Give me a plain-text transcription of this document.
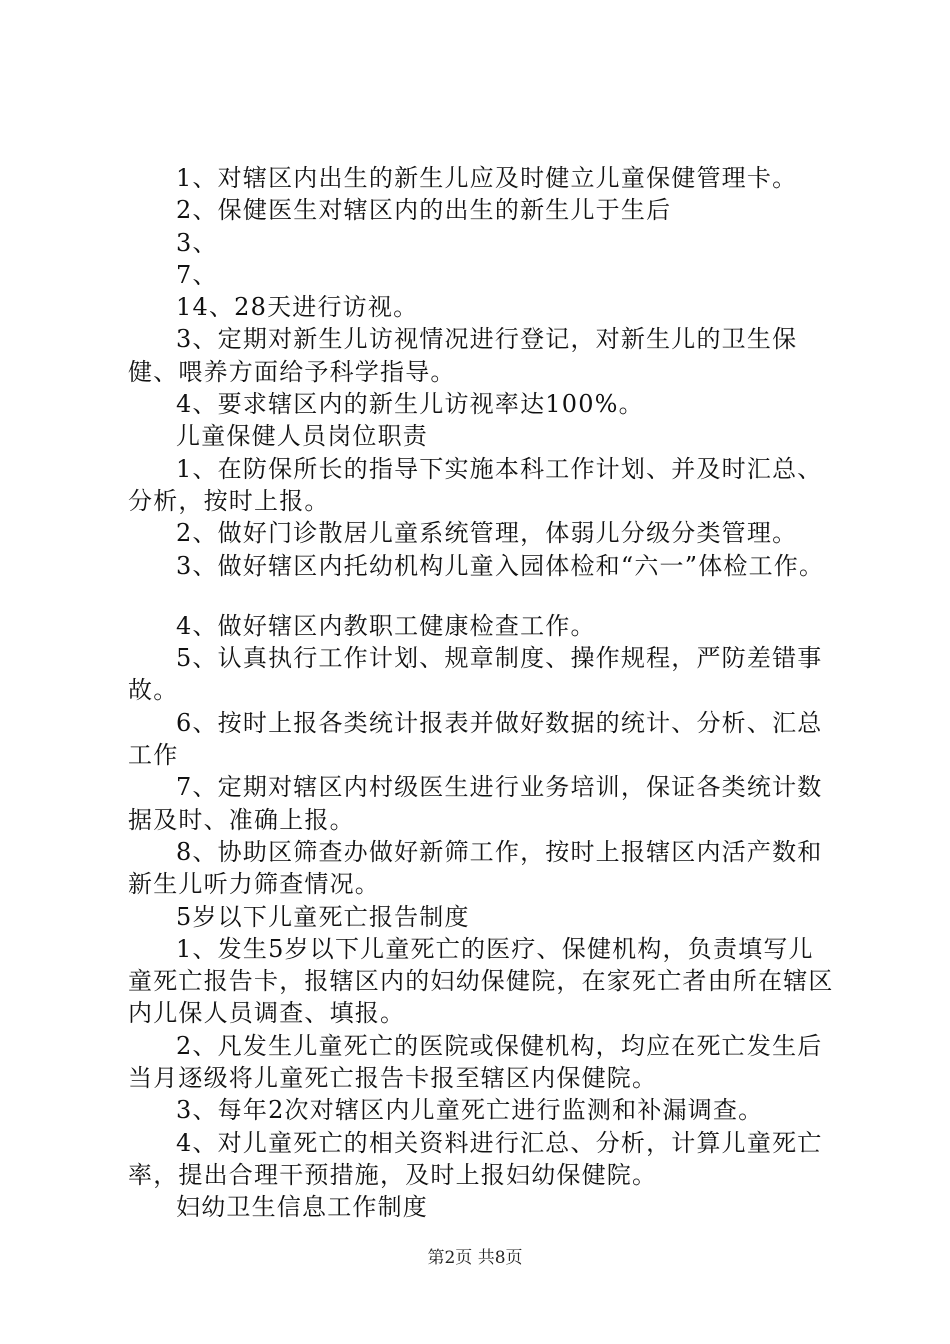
1、对辖区内出生的新生儿应及时健立儿童保健管理卡。

2、保健医生对辖区内的出生的新生儿于生后

3、

7、

14、28天进行访视。

3、定期对新生儿访视情况进行登记，对新生儿的卫生保健、喂养方面给予科学指导。

4、要求辖区内的新生儿访视率达100%。

儿童保健人员岗位职责

1、在防保所长的指导下实施本科工作计划、并及时汇总、分析，按时上报。

2、做好门诊散居儿童系统管理，体弱儿分级分类管理。

3、做好辖区内托幼机构儿童入园体检和“六一”体检工作。

4、做好辖区内教职工健康检查工作。

5、认真执行工作计划、规章制度、操作规程，严防差错事故。

6、按时上报各类统计报表并做好数据的统计、分析、汇总工作

7、定期对辖区内村级医生进行业务培训，保证各类统计数据及时、准确上报。

8、协助区筛查办做好新筛工作，按时上报辖区内活产数和新生儿听力筛查情况。

5岁以下儿童死亡报告制度

1、发生5岁以下儿童死亡的医疗、保健机构，负责填写儿童死亡报告卡，报辖区内的妇幼保健院，在家死亡者由所在辖区内儿保人员调查、填报。

2、凡发生儿童死亡的医院或保健机构，均应在死亡发生后当月逐级将儿童死亡报告卡报至辖区内保健院。

3、每年2次对辖区内儿童死亡进行监测和补漏调查。

4、对儿童死亡的相关资料进行汇总、分析，计算儿童死亡率，提出合理干预措施，及时上报妇幼保健院。

妇幼卫生信息工作制度

第2页 共8页
